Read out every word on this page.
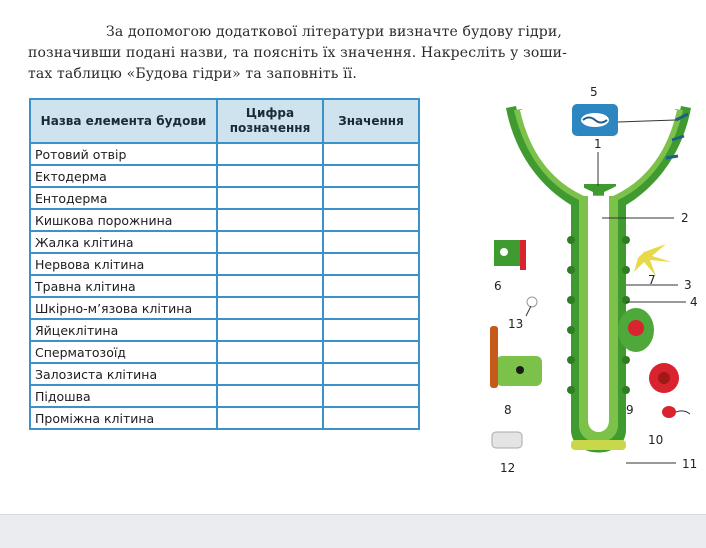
За допомогою додаткової літератури визначте будову гідри,
позначивши подані назви, та поясніть їх значення. Накресліть у зоши-
тах таблицю «Будова гідри» та заповніть її.
Назва елемента будови	Цифра позначення	Значення
Ротовий отвір		
Ектодерма		
Ентодерма		
Кишкова порожнина		
Жалка клітина		
Нервова клітина		
Травна клітина		
Шкірно-м’язова клітина		
Яйцеклітина		
Сперматозоїд		
Залозиста клітина		
Підошва		
Проміжна клітина		
1
2
3
4
5
6	7
8	9
10
11
12
13
